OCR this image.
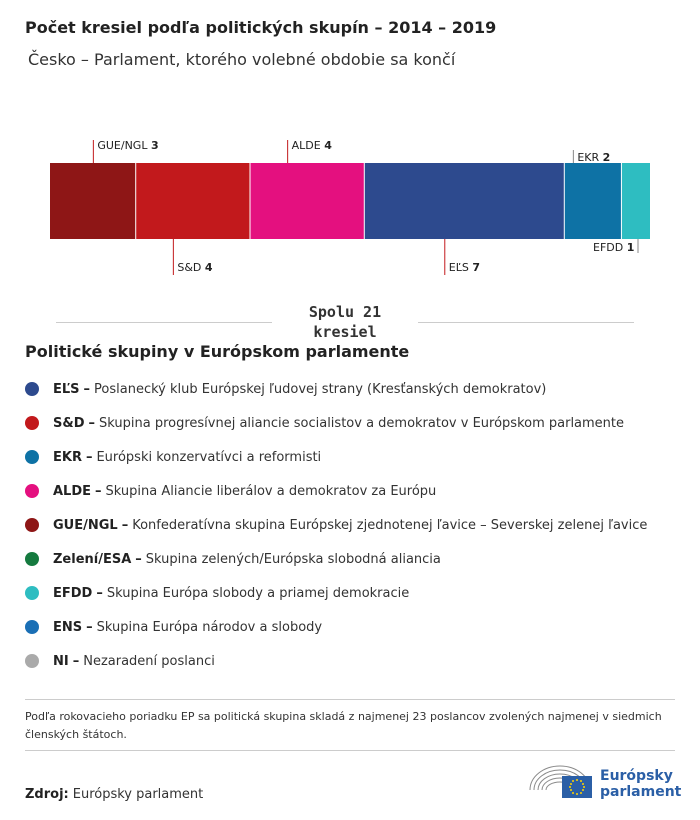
Počet kresiel podľa politických skupín – 2014 – 2019
Česko – Parlament, ktorého volebné obdobie sa končí
GUE/NGL 3
S&D 4
ALDE 4
EĽS 7
EKR 2
EFDD 1
Spolu 21
kresiel
Politické skupiny v Európskom parlamente
EĽS – Poslanecký klub Európskej ľudovej strany (Kresťanských demokratov)
S&D – Skupina progresívnej aliancie socialistov a demokratov v Európskom parlamente
EKR – Európski konzervatívci a reformisti
ALDE – Skupina Aliancie liberálov a demokratov za Európu
GUE/NGL – Konfederatívna skupina Európskej zjednotenej ľavice – Severskej zelenej ľavice
Zelení/ESA – Skupina zelených/Európska slobodná aliancia
EFDD – Skupina Európa slobody a priamej demokracie
ENS – Skupina Európa národov a slobody
NI – Nezaradení poslanci
Podľa rokovacieho poriadku EP sa politická skupina skladá z najmenej 23 poslancov zvolených najmenej v siedmich členských štátoch.
Zdroj: Európsky parlament
Európsky
parlament
